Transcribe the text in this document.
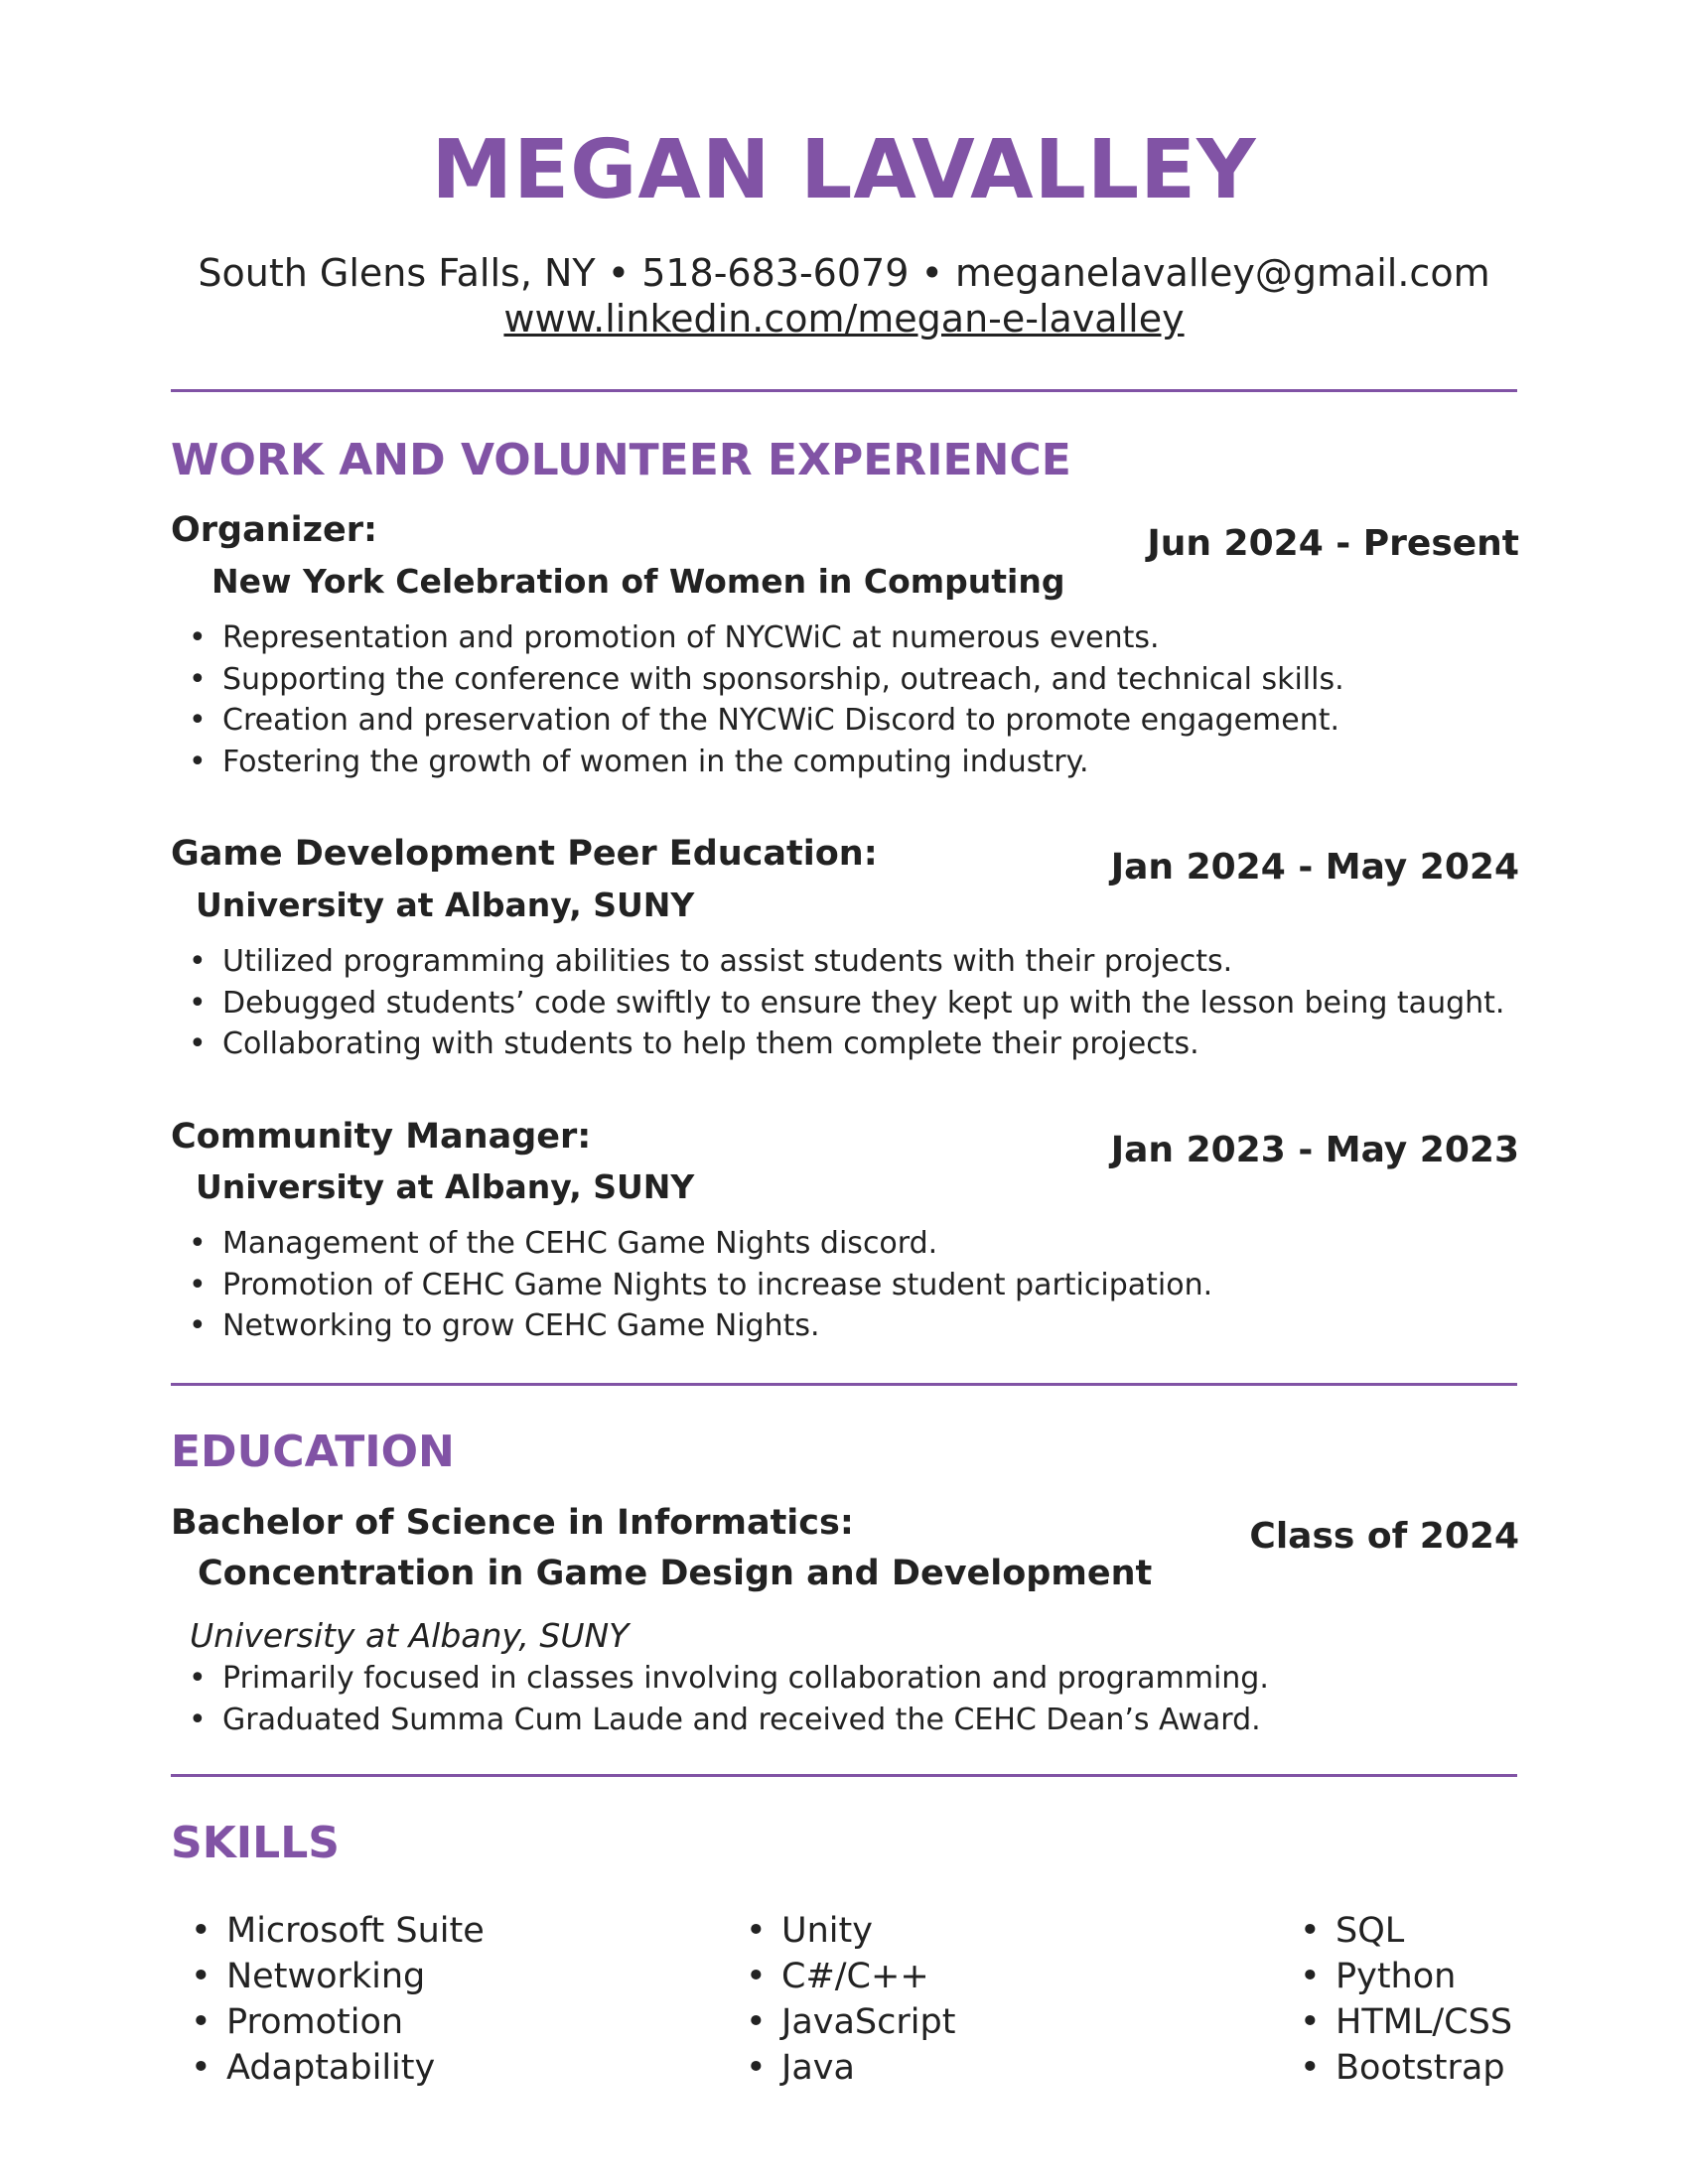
MEGAN LAVALLEY
South Glens Falls, NY • 518-683-6079 • meganelavalley@gmail.com
www.linkedin.com/megan-e-lavalley
WORK AND VOLUNTEER EXPERIENCE
Organizer:	Jun 2024 - Present
New York Celebration of Women in Computing
• Representation and promotion of NYCWiC at numerous events.
• Supporting the conference with sponsorship, outreach, and technical skills.
• Creation and preservation of the NYCWiC Discord to promote engagement.
• Fostering the growth of women in the computing industry.
Game Development Peer Education:	Jan 2024 - May 2024
University at Albany, SUNY
• Utilized programming abilities to assist students with their projects.
• Debugged students’ code swiftly to ensure they kept up with the lesson being taught.
• Collaborating with students to help them complete their projects.
Community Manager:	Jan 2023 - May 2023
University at Albany, SUNY
• Management of the CEHC Game Nights discord.
• Promotion of CEHC Game Nights to increase student participation.
• Networking to grow CEHC Game Nights.
EDUCATION
Bachelor of Science in Informatics:	Class of 2024
Concentration in Game Design and Development
University at Albany, SUNY
• Primarily focused in classes involving collaboration and programming.
• Graduated Summa Cum Laude and received the CEHC Dean’s Award.
SKILLS
• Microsoft Suite
• Networking
• Promotion
• Adaptability
• Unity
• C#/C++
• JavaScript
• Java
• SQL
• Python
• HTML/CSS
• Bootstrap
